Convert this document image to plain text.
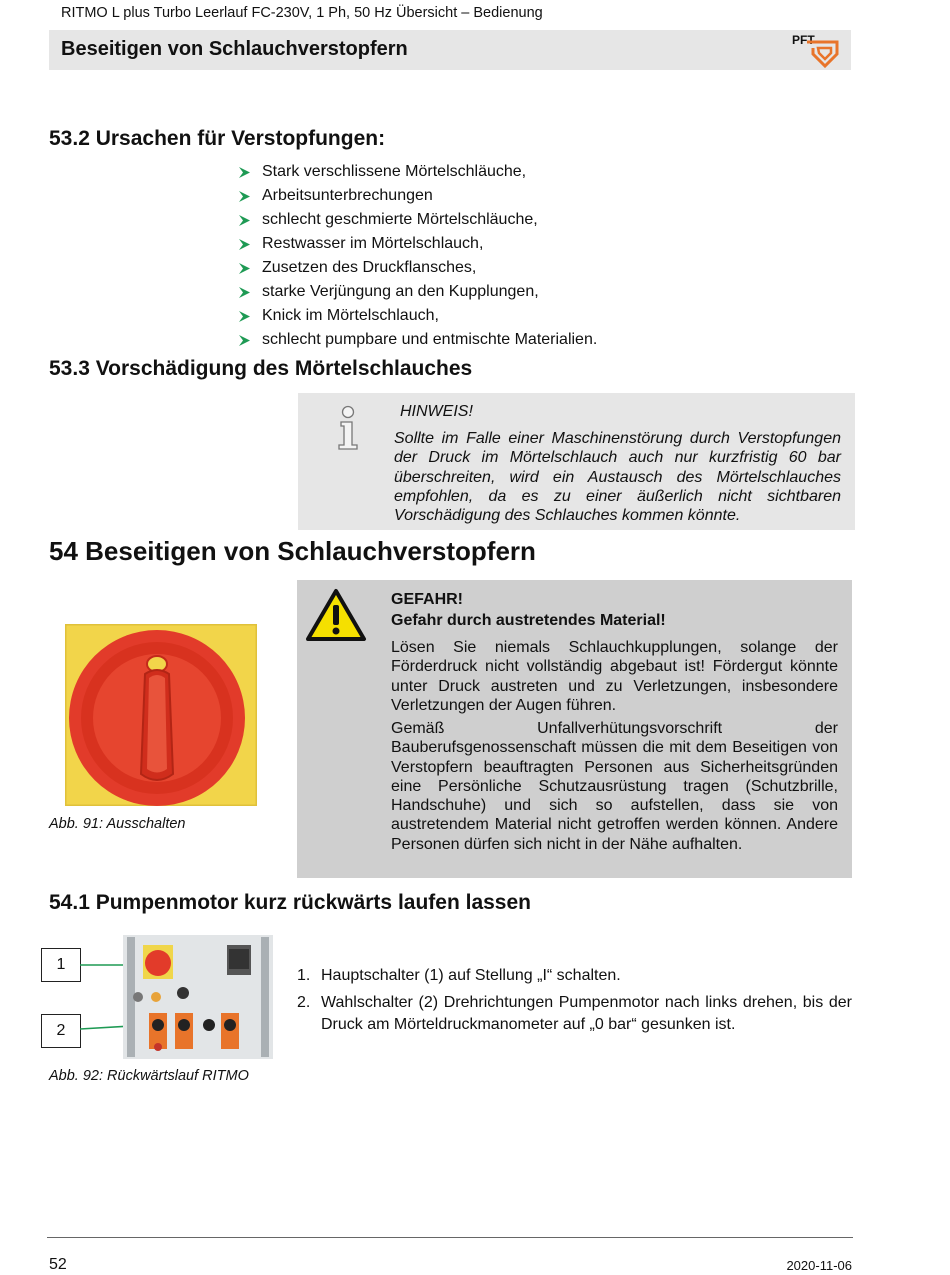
RITMO L plus Turbo Leerlauf FC-230V, 1 Ph, 50 Hz Übersicht – Bedienung
Beseitigen von Schlauchverstopfern	PFT
53.2 Ursachen für Verstopfungen:
Stark verschlissene Mörtelschläuche,
Arbeitsunterbrechungen
schlecht geschmierte Mörtelschläuche,
Restwasser im Mörtelschlauch,
Zusetzen des Druckflansches,
starke Verjüngung an den Kupplungen,
Knick im Mörtelschlauch,
schlecht pumpbare und entmischte Materialien.
53.3 Vorschädigung des Mörtelschlauches
HINWEIS!
Sollte im Falle einer Maschinenstörung durch Verstopfungen der Druck im Mörtelschlauch auch nur kurzfristig 60 bar überschreiten, wird ein Austausch des Mörtelschlauches empfohlen, da es zu einer äußerlich nicht sichtbaren Vorschädigung des Schlauches kommen könnte.
54 Beseitigen von Schlauchverstopfern
Abb. 91: Ausschalten
GEFAHR!
Gefahr durch austretendes Material!

Lösen Sie niemals Schlauchkupplungen, solange der Förderdruck nicht vollständig abgebaut ist! Fördergut könnte unter Druck austreten und zu Verletzungen, insbesondere Verletzungen der Augen führen.

Gemäß Unfallverhütungsvorschrift der Bauberufsgenossenschaft müssen die mit dem Beseitigen von Verstopfern beauftragten Personen aus Sicherheitsgründen eine Persönliche Schutzausrüstung tragen (Schutzbrille, Handschuhe) und sich so aufstellen, dass sie von austretendem Material nicht getroffen werden können. Andere Personen dürfen sich nicht in der Nähe aufhalten.

54.1 Pumpenmotor kurz rückwärts laufen lassen
1
2
Abb. 92: Rückwärtslauf RITMO
1. Hauptschalter (1) auf Stellung „I“ schalten.
2. Wahlschalter (2) Drehrichtungen Pumpenmotor nach links drehen, bis der Druck am Mörteldruckmanometer auf „0 bar“ gesunken ist.
52	2020-11-06
